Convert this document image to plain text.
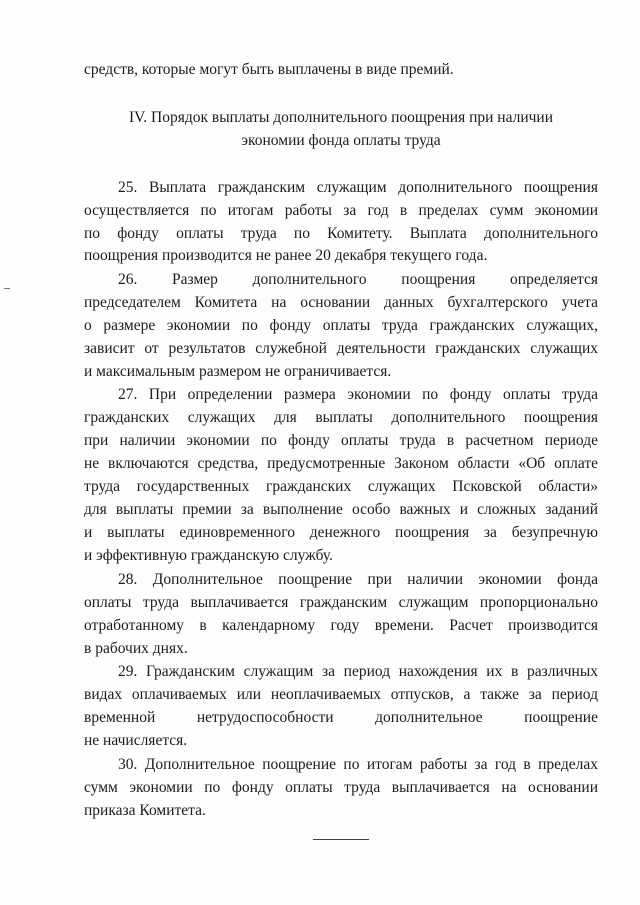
средств, которые могут быть выплачены в виде премий.
IV. Порядок выплаты дополнительного поощрения при наличии
экономии фонда оплаты труда
25. Выплата гражданским служащим дополнительного поощрения
осуществляется по итогам работы за год в пределах сумм экономии
по фонду оплаты труда по Комитету. Выплата дополнительного
поощрения производится не ранее 20 декабря текущего года.
26. Размер дополнительного поощрения определяется
председателем Комитета на основании данных бухгалтерского учета
о размере экономии по фонду оплаты труда гражданских служащих,
зависит от результатов служебной деятельности гражданских служащих
и максимальным размером не ограничивается.
27. При определении размера экономии по фонду оплаты труда
гражданских служащих для выплаты дополнительного поощрения
при наличии экономии по фонду оплаты труда в расчетном периоде
не включаются средства, предусмотренные Законом области «Об оплате
труда государственных гражданских служащих Псковской области»
для выплаты премии за выполнение особо важных и сложных заданий
и выплаты единовременного денежного поощрения за безупречную
и эффективную гражданскую службу.
28. Дополнительное поощрение при наличии экономии фонда
оплаты труда выплачивается гражданским служащим пропорционально
отработанному в календарному году времени. Расчет производится
в рабочих днях.
29. Гражданским служащим за период нахождения их в различных
видах оплачиваемых или неоплачиваемых отпусков, а также за период
временной нетрудоспособности дополнительное поощрение
не начисляется.
30. Дополнительное поощрение по итогам работы за год в пределах
сумм экономии по фонду оплаты труда выплачивается на основании
приказа Комитета.
